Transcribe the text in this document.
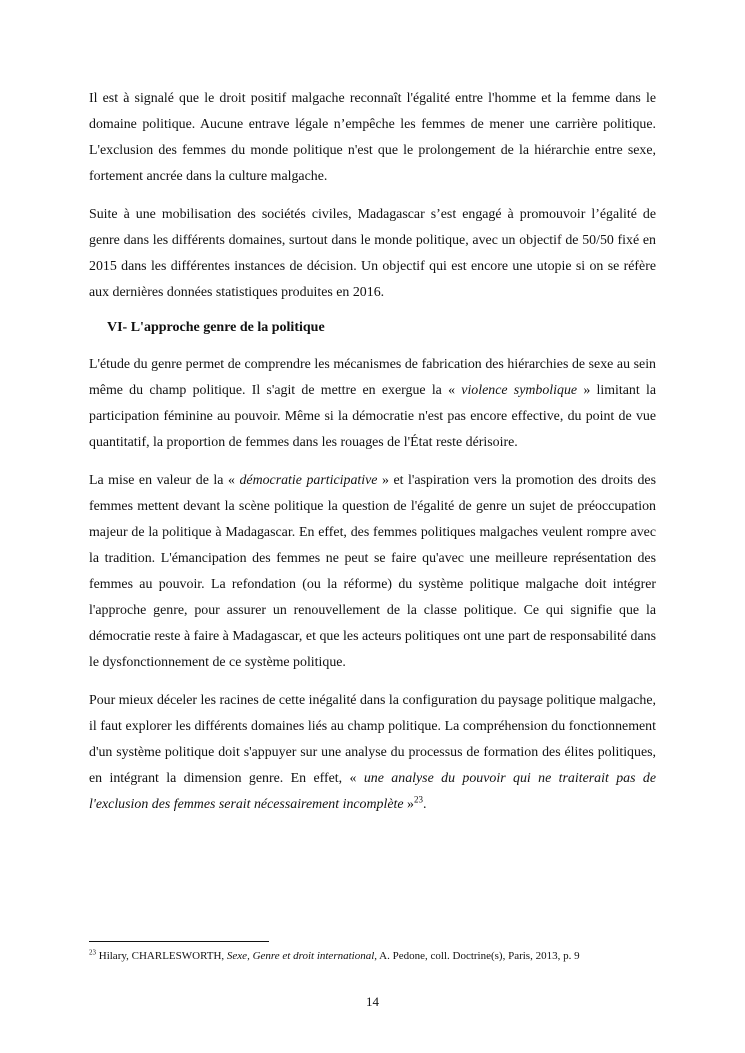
Il est à signalé que le droit positif malgache reconnaît l'égalité entre l'homme et la femme dans le domaine politique. Aucune entrave légale n’empêche les femmes de mener une carrière politique. L'exclusion des femmes du monde politique n'est que le prolongement de la hiérarchie entre sexe, fortement ancrée dans la culture malgache.

Suite à une mobilisation des sociétés civiles, Madagascar s’est engagé à promouvoir l’égalité de genre dans les différents domaines, surtout dans le monde politique, avec un objectif de 50/50 fixé en 2015 dans les différentes instances de décision. Un objectif qui est encore une utopie si on se réfère aux dernières données statistiques produites en 2016.

VI- L'approche genre de la politique

L'étude du genre permet de comprendre les mécanismes de fabrication des hiérarchies de sexe au sein même du champ politique. Il s'agit de mettre en exergue la « violence symbolique » limitant la participation féminine au pouvoir. Même si la démocratie n'est pas encore effective, du point de vue quantitatif, la proportion de femmes dans les rouages de l'État reste dérisoire.

La mise en valeur de la « démocratie participative » et l'aspiration vers la promotion des droits des femmes mettent devant la scène politique la question de l'égalité de genre un sujet de préoccupation majeur de la politique à Madagascar. En effet, des femmes politiques malgaches veulent rompre avec la tradition. L'émancipation des femmes ne peut se faire qu'avec une meilleure représentation des femmes au pouvoir. La refondation (ou la réforme) du système politique malgache doit intégrer l'approche genre, pour assurer un renouvellement de la classe politique. Ce qui signifie que la démocratie reste à faire à Madagascar, et que les acteurs politiques ont une part de responsabilité dans le dysfonctionnement de ce système politique.

Pour mieux déceler les racines de cette inégalité dans la configuration du paysage politique malgache, il faut explorer les différents domaines liés au champ politique. La compréhension du fonctionnement d'un système politique doit s'appuyer sur une analyse du processus de formation des élites politiques, en intégrant la dimension genre. En effet, « une analyse du pouvoir qui ne traiterait pas de l'exclusion des femmes serait nécessairement incomplète »$^{23}$.

$^{23}$ Hilary, CHARLESWORTH, Sexe, Genre et droit international, A. Pedone, coll. Doctrine(s), Paris, 2013, p. 9
14
